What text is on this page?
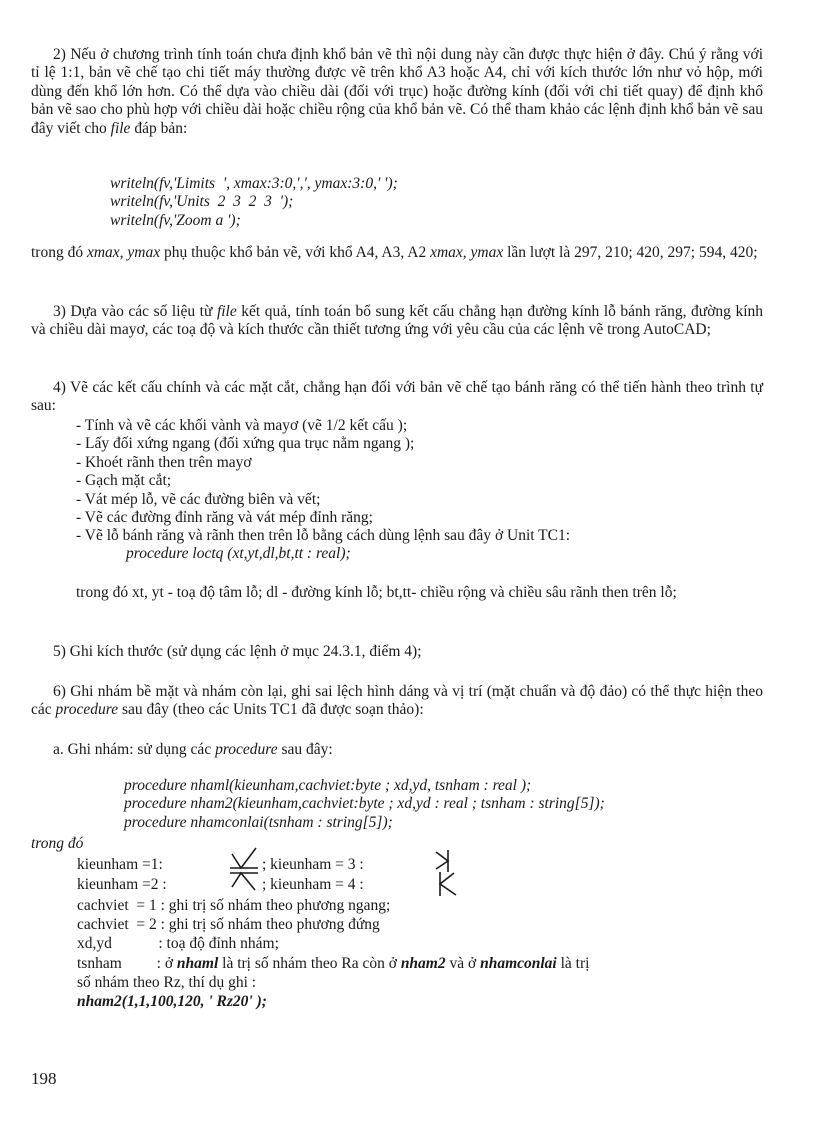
2) Nếu ở chương trình tính toán chưa định khổ bản vẽ thì nội dung này cần được thực hiện ở đây. Chú ý rằng với tỉ lệ 1:1, bản vẽ chế tạo chi tiết máy thường được vẽ trên khổ A3 hoặc A4, chỉ với kích thước lớn như vỏ hộp, mới dùng đến khổ lớn hơn. Có thể dựa vào chiều dài (đối với trục) hoặc đường kính (đối với chi tiết quay) để định khổ bản vẽ sao cho phù hợp với chiều dài hoặc chiều rộng của khổ bản vẽ. Có thể tham khảo các lệnh định khổ bản vẽ sau đây viết cho file đáp bản:
writeln(fv,'Limits  ', xmax:3:0,',', ymax:3:0,' ');
writeln(fv,'Units  2  3  2  3  ');
writeln(fv,'Zoom a ');
trong đó xmax, ymax phụ thuộc khổ bản vẽ, với khổ A4, A3, A2 xmax, ymax lần lượt là 297, 210; 420, 297; 594, 420;
3) Dựa vào các số liệu từ file kết quả, tính toán bổ sung kết cấu chẳng hạn đường kính lỗ bánh răng, đường kính và chiều dài mayơ, các toạ độ và kích thước cần thiết tương ứng với yêu cầu của các lệnh vẽ trong AutoCAD;
4) Vẽ các kết cấu chính và các mặt cắt, chẳng hạn đối với bản vẽ chế tạo bánh răng có thể tiến hành theo trình tự sau:
- Tính và vẽ các khối vành và mayơ (vẽ 1/2 kết cấu );
- Lấy đối xứng ngang (đối xứng qua trục nằm ngang );
- Khoét rãnh then trên mayơ
- Gạch mặt cắt;
- Vát mép lỗ, vẽ các đường biên và vết;
- Vẽ các đường đỉnh răng và vát mép đỉnh răng;
- Vẽ lỗ bánh răng và rãnh then trên lỗ bằng cách dùng lệnh sau đây ở Unit TC1:
procedure loctq (xt,yt,dl,bt,tt : real);
trong đó xt, yt - toạ độ tâm lỗ; dl - đường kính lỗ; bt,tt- chiều rộng và chiều sâu rãnh then trên lỗ;
5) Ghi kích thước (sử dụng các lệnh ở mục 24.3.1, điểm 4);
6) Ghi nhám bề mặt và nhám còn lại, ghi sai lệch hình dáng và vị trí (mặt chuẩn và độ đảo) có thể thực hiện theo các procedure sau đây (theo các Units TC1 đã được soạn thảo):
a. Ghi nhám: sử dụng các procedure sau đây:
procedure nhaml(kieunham,cachviet:byte ; xd,yd, tsnham : real );
procedure nham2(kieunham,cachviet:byte ; xd,yd : real ; tsnham : string[5]);
procedure nhamconlai(tsnham : string[5]);
trong đó
kieunham =1:	; kieunham = 3 :
kieunham =2 :	; kieunham = 4 :
cachviet  = 1 : ghi trị số nhám theo phương ngang;
cachviet  = 2 : ghi trị số nhám theo phương đứng
xd,yd            : toạ độ đỉnh nhám;
tsnham         : ở nhaml là trị số nhám theo Ra còn ở nham2 và ở nhamconlai là trị
số nhám theo Rz, thí dụ ghi :
nham2(1,1,100,120, ' Rz20' );
198
